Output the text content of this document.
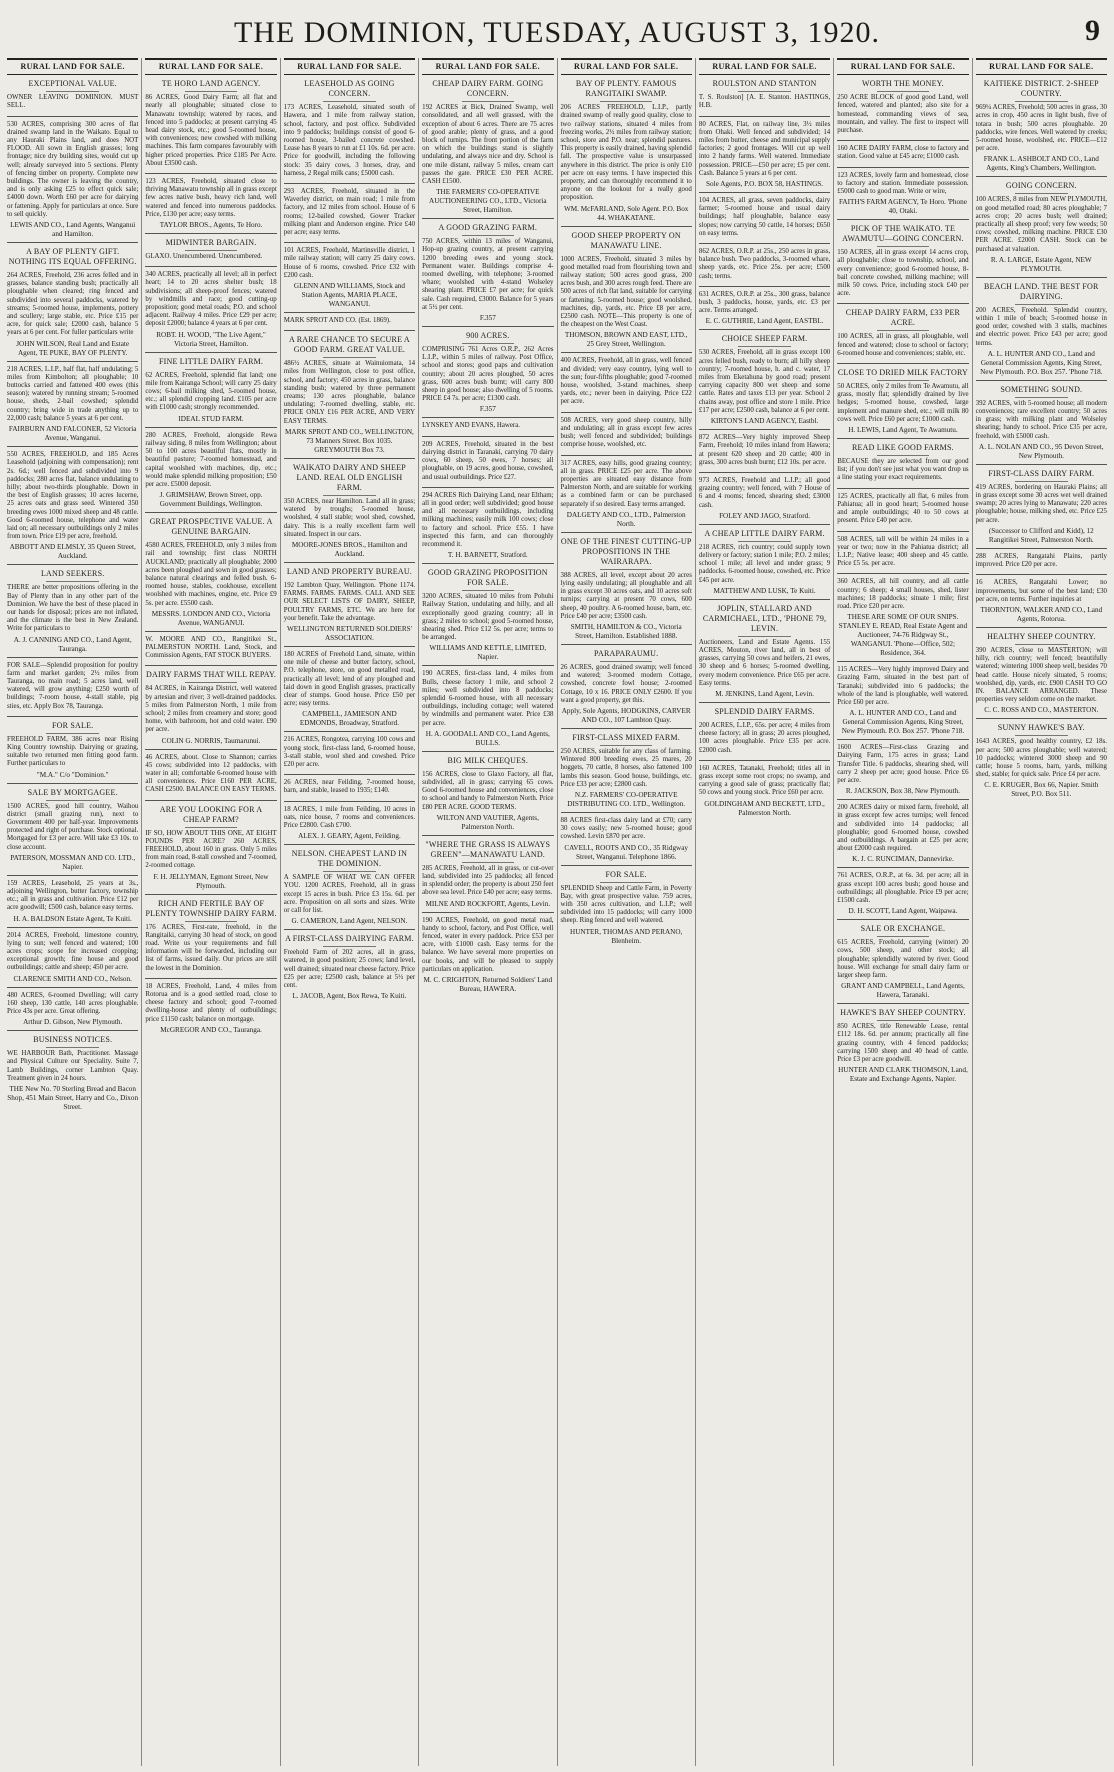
THE DOMINION, TUESDAY, AUGUST 3, 1920.	9
RURAL LAND FOR SALE.
EXCEPTIONAL VALUE.
OWNER LEAVING DOMINION. MUST SELL.
530 ACRES, comprising 300 acres of flat drained swamp land in the Waikato. Equal to any Hauraki Plains land, and does NOT FLOOD. All sown in English grasses; long frontage; nice dry building sites, would cut up well; already surveyed into 5 sections. Plenty of fencing timber on property. Complete new buildings. The owner is leaving the country, and is only asking £25 to effect quick sale; £4000 down. Worth £60 per acre for dairying or fattening. Apply for particulars at once. Sure to sell quickly.
LEWIS AND CO., Land Agents, Wanganui and Hamilton.
A BAY OF PLENTY GIFT. NOTHING ITS EQUAL OFFERING.
264 ACRES, Freehold, 236 acres felled and in grasses, balance standing bush; practically all ploughable when cleared; ring fenced and subdivided into several paddocks, watered by streams; 5-roomed house, implements, pottery and scullery; large stable, etc. Price £15 per acre, for quick sale; £2000 cash, balance 5 years at 6 per cent. For fuller particulars write
JOHN WILSON, Real Land and Estate Agent, TE PUKE, BAY OF PLENTY.
218 ACRES, L.I.P., half flat, half undulating; 5 miles from Kimbolton; all ploughable; 10 buttocks carried and fattened 400 ewes (this season); watered by running stream; 5-roomed house, sheds, 2-bail cowshed; splendid country; bring wide in trade anything up to 22,000 cash; balance 5 years at 6 per cent.
FAIRBURN AND FALCONER, 52 Victoria Avenue, Wanganui.
550 ACRES, FREEHOLD, and 185 Acres Leasehold (adjoining with compensation); rent 2s. 6d.; well fenced and subdivided into 9 paddocks; 280 acres flat, balance undulating to hilly; about two-thirds ploughable. Down in the best of English grasses; 10 acres lucerne, 25 acres oats and grass seed. Wintered 350 breeding ewes 1000 mixed sheep and 48 cattle. Good 6-roomed house, telephone and water laid on; all necessary outbuildings only 2 miles from town. Price £19 per acre, freehold.
ABBOTT AND ELMSLY, 35 Queen Street, Auckland.
LAND SEEKERS.
THERE are better propositions offering in the Bay of Plenty than in any other part of the Dominion. We have the best of these placed in our hands for disposal; prices are not inflated, and the climate is the best in New Zealand. Write for particulars to
A. J. CANNING AND CO., Land Agent, Tauranga.
FOR SALE—Splendid proposition for poultry farm and market garden; 2½ miles from Tauranga, no main road; 5 acres land, well watered, will grow anything; £250 worth of buildings; 7-room house, 4-stall stable, pig sties, etc. Apply Box 78, Tauranga.
FOR SALE.
FREEHOLD FARM, 386 acres near Rising King Country township. Dairying or grazing, suitable two returned men fitting good farm. Further particulars to
"M.A." C/o "Dominion."
SALE BY MORTGAGEE.
1500 ACRES, good hill country, Waihou district (small grazing run), next to Government 400 per half-year. Improvements protected and right of purchase. Stock optional. Mortgaged for £3 per acre. Will take £3 10s. to close account.
PATERSON, MOSSMAN AND CO. LTD., Napier.
159 ACRES, Leasehold, 25 years at 3s., adjoining Wellington, butter factory, township etc.; all in grass and cultivation. Price £12 per acre goodwill; £500 cash, balance easy terms.
H. A. BALDSON Estate Agent, Te Kuiti.
2014 ACRES, Freehold, limestone country, lying to sun; well fenced and watered; 100 acres crops; scope for increased cropping; exceptional growth; fine house and good outbuildings; cattle and sheep; 450 per acre.
CLARENCE SMITH AND CO., Nelson.
480 ACRES, 6-roomed Dwelling; will carry 160 sheep, 130 cattle, 140 acres ploughable. Price 43s per acre. Great offering.
Arthur D. Gibson, New Plymouth.
BUSINESS NOTICES.
WE HARBOUR Bath, Practitioner. Massage and Physical Culture our Speciality. Suite 7, Lamb Buildings, corner Lambton Quay. Treatment given in 24 hours.
THE New No. 70 Sterling Bread and Bacon Shop, 451 Main Street, Harry and Co., Dixon Street.
RURAL LAND FOR SALE.
TE HORO LAND AGENCY.
86 ACRES, Good Dairy Farm; all flat and nearly all ploughable; situated close to Manawatu township; watered by races, and fenced into 5 paddocks; at present carrying 45 head dairy stock, etc.; good 5-roomed house, with conveniences; new cowshed with milking machines. This farm compares favourably with higher priced properties. Price £185 Per Acre. About £3500 cash.
123 ACRES, Freehold, situated close to thriving Manawatu township all in grass except few acres native bush, heavy rich land, well watered and fenced into numerous paddocks. Price, £130 per acre; easy terms.
TAYLOR BROS., Agents, Te Horo.
MIDWINTER BARGAIN.
GLAXO. Unencumbered. Unencumbered.
340 ACRES, practically all level; all in perfect heart; 14 to 20 acres shelter bush; 18 subdivisions; all sheep-proof fences; watered by windmills and race; good cutting-up proposition; good metal roads; P.O. and school adjacent. Railway 4 miles. Price £29 per acre; deposit £2000; balance 4 years at 6 per cent.
ROBT. H. WOOD, "The Live Agent," Victoria Street, Hamilton.
FINE LITTLE DAIRY FARM.
62 ACRES, Freehold, splendid flat land; one mile from Kairanga School; will carry 25 dairy cows; 6-bail milking shed, 5-roomed house, etc.; all splendid cropping land. £105 per acre with £1000 cash; strongly recommended.
IDEAL STUD FARM.
280 ACRES, Freehold, alongside Rewa railway siding, 8 miles from Wellington; about 50 to 100 acres beautiful flats, mostly in beautiful pasture; 7-roomed homestead, and capital woolshed with machines, dip, etc.; would make splendid milking proposition; £50 per acre. £5000 deposit.
J. GRIMSHAW, Brown Street, opp. Government Buildings, Wellington.
GREAT PROSPECTIVE VALUE. A GENUINE BARGAIN.
4580 ACRES, FREEHOLD, only 3 miles from rail and township; first class NORTH AUCKLAND; practically all ploughable; 2000 acres been ploughed and sown in good grasses; balance natural clearings and felled bush. 6-roomed house, stables, cookhouse, excellent woolshed with machines, engine, etc. Price £9 5s. per acre. £5500 cash.
MESSRS. LONDON AND CO., Victoria Avenue, WANGANUI.
W. MOORE AND CO., Rangitikei St., PALMERSTON NORTH. Land, Stock, and Commission Agents, FAT STOCK BUYERS.
DAIRY FARMS THAT WILL REPAY.
84 ACRES, in Kairanga District, well watered by artesian and river; 3 well-drained paddocks. 5 miles from Palmerston North, 1 mile from school; 2 miles from creamery and store; good home, with bathroom, hot and cold water. £90 per acre.
COLIN G. NORRIS, Taumarunui.
46 ACRES, about. Close to Shannon; carries 45 cows; subdivided into 12 paddocks, with water in all; comfortable 6-roomed house with all conveniences. Price £160 PER ACRE, CASH £2500. BALANCE ON EASY TERMS.
ARE YOU LOOKING FOR A CHEAP FARM?
IF SO, HOW ABOUT THIS ONE, AT EIGHT POUNDS PER ACRE? 260 ACRES, FREEHOLD, about 160 in grass. Only 5 miles from main road, 8-stall cowshed and 7-roomed, 2-roomed cottage.
F. H. JELLYMAN, Egmont Street, New Plymouth.
RICH AND FERTILE BAY OF PLENTY TOWNSHIP DAIRY FARM.
176 ACRES, First-rate, freehold, in the Rangitaiki, carrying 30 head of stock, on good road. Write us your requirements and full information will be forwarded, including our list of farms, issued daily. Our prices are still the lowest in the Dominion.
18 ACRES, Freehold, Land, 4 miles from Rotorua and is a good settled road, close to cheese factory and school; good 7-roomed dwelling-house and plenty of outbuildings; price £1150 cash; balance on mortgage.
McGREGOR AND CO., Tauranga.
RURAL LAND FOR SALE.
LEASEHOLD AS GOING CONCERN.
173 ACRES, Leasehold, situated south of Hawera, and 1 mile from railway station, school, factory, and post office. Subdivided into 9 paddocks; buildings consist of good 6-roomed house, 3-bailed concrete cowshed. Lease has 8 years to run at £1 10s. 6d. per acre. Price for goodwill, including the following stock: 35 dairy cows, 3 horses, dray, and harness, 2 Regal milk cans; £5000 cash.
293 ACRES, Freehold, situated in the Waverley district, on main road; 1 mile from factory, and 12 miles from school. House of 6 rooms; 12-bailed cowshed, Gower Tracker milking plant and Anderson engine. Price £40 per acre; easy terms.
101 ACRES, Freehold, Martinsville district, 1 mile railway station; will carry 25 dairy cows. House of 6 rooms, cowshed. Price £32 with £200 cash.
GLENN AND WILLIAMS, Stock and Station Agents, MARIA PLACE, WANGANUI.
MARK SPROT AND CO. (Est. 1869).
A RARE CHANCE TO SECURE A GOOD FARM. GREAT VALUE.
486½ ACRES, situate at Wainuiomata, 14 miles from Wellington, close to post office, school, and factory; 450 acres in grass, balance standing bush; watered by three permanent creams; 130 acres ploughable, balance undulating; 7-roomed dwelling, stable, etc. PRICE ONLY £16 PER ACRE, AND VERY EASY TERMS.
MARK SPROT AND CO., WELLINGTON, 73 Manners Street. Box 1035. GREYMOUTH Box 73.
WAIKATO DAIRY AND SHEEP LAND. REAL OLD ENGLISH FARM.
350 ACRES, near Hamilton. Land all in grass; watered by troughs; 5-roomed house, woolshed, 4 stall stable; wool shed, cowshed, dairy. This is a really excellent farm well situated. Inspect in our cars.
MOORE-JONES BROS., Hamilton and Auckland.
LAND AND PROPERTY BUREAU.
192 Lambton Quay, Wellington. 'Phone 1174. FARMS. FARMS. FARMS. CALL AND SEE OUR SELECT LISTS OF DAIRY, SHEEP, POULTRY FARMS, ETC. We are here for your benefit. Take the advantage.
WELLINGTON RETURNED SOLDIERS' ASSOCIATION.
180 ACRES of Freehold Land, situate, within one mile of cheese and butter factory, school, P.O. telephone, store, on good metalled road, practically all level; lend of any ploughed and laid down in good English grasses, practically clear of stumps. Good house. Price £50 per acre; easy terms.
CAMPBELL, JAMIESON AND EDMONDS, Broadway, Stratford.
216 ACRES, Rongotea, carrying 100 cows and young stock, first-class land, 6-roomed house, 3-stall stable, wool shed and cowshed. Price £20 per acre.
26 ACRES, near Feilding, 7-roomed house, barn, and stable, leased to 1935; £140.
18 ACRES, 1 mile from Feilding, 10 acres in oats, nice house, 7 rooms and conveniences. Price £2800. Cash £700.
ALEX. J. GEARY, Agent, Feilding.
NELSON. CHEAPEST LAND IN THE DOMINION.
A SAMPLE OF WHAT WE CAN OFFER YOU. 1200 ACRES, Freehold, all in grass except 15 acres in bush. Price £3 15s. 6d. per acre. Proposition on all sorts and sizes. Write or call for list.
G. CAMERON, Land Agent, NELSON.
A FIRST-CLASS DAIRYING FARM.
Freehold Farm of 202 acres, all in grass, watered, in good position; 25 cows; land level, well drained; situated near cheese factory. Price £25 per acre; £2500 cash, balance at 5½ per cent.
L. JACOB, Agent, Box Rewa, Te Kuiti.
RURAL LAND FOR SALE.
CHEAP DAIRY FARM. GOING CONCERN.
192 ACRES at Bick, Drained Swamp, well consolidated, and all well grassed, with the exception of about 6 acres. There are 75 acres of good arable; plenty of grass, and a good block of turnips. The front portion of the farm on which the buildings stand is slightly undulating, and always nice and dry. School is one mile distant, railway 5 miles, cream cart passes the gate. PRICE £30 PER ACRE. CASH £1500.
THE FARMERS' CO-OPERATIVE AUCTIONEERING CO., LTD., Victoria Street, Hamilton.
A GOOD GRAZING FARM.
750 ACRES, within 13 miles of Wanganui, Hop-up grazing country, at present carrying 1200 breeding ewes and young stock. Permanent water. Buildings comprise 4-roomed dwelling, with telephone; 3-roomed whare; woolshed with 4-stand Wolseley shearing plant. PRICE £7 per acre; for quick sale. Cash required, £3000. Balance for 5 years at 5½ per cent.
F.357
900 ACRES.
COMPRISING 761 Acres O.R.P., 262 Acres L.I.P., within 5 miles of railway. Post Office, school and stores; good paps and cultivation country; about 20 acres ploughed, 50 acres grass, 600 acres bush burnt; will carry 800 sheep in good house; also dwelling of 5 rooms. PRICE £4 7s. per acre; £1300 cash.
F.357
LYNSKEY AND EVANS, Hawera.
209 ACRES, Freehold, situated in the best dairying district in Taranaki, carrying 70 dairy cows, 60 sheep, 50 ewes, 7 horses; all ploughable, on 19 acres, good house, cowshed, and usual outbuildings. Price £27.
294 ACRES Rich Dairying Land, near Eltham; all in good order; well subdivided; good house and all necessary outbuildings, including milking machines; easily milk 100 cows; close to factory and school. Price £55. I have inspected this farm, and can thoroughly recommend it.
T. H. BARNETT, Stratford.
GOOD GRAZING PROPOSITION FOR SALE.
3200 ACRES, situated 10 miles from Pohuhi Railway Station, undulating and hilly, and all exceptionally good grazing country; all in grass; 2 miles to school; good 5-roomed house, shearing shed. Price £12 5s. per acre; terms to be arranged.
WILLIAMS AND KETTLE, LIMITED, Napier.
190 ACRES, first-class land, 4 miles from Bulls, cheese factory 1 mile, and school 2 miles; well subdivided into 8 paddocks; splendid 6-roomed house, with all necessary outbuildings, including cottage; well watered by windmills and permanent water. Price £38 per acre.
H. A. GOODALL AND CO., Land Agents, BULLS.
BIG MILK CHEQUES.
156 ACRES, close to Glaxo Factory, all flat, subdivided, all in grass; carrying 65 cows. Good 6-roomed house and conveniences, close to school and handy to Palmerston North. Price £80 PER ACRE. GOOD TERMS.
WILTON AND VAUTIER, Agents, Palmerston North.
"WHERE THE GRASS IS ALWAYS GREEN"—MANAWATU LAND.
285 ACRES, Freehold, all in grass, or cut-over land, subdivided into 25 paddocks; all fenced in splendid order; the property is about 250 feet above sea level. Price £40 per acre; easy terms.
MILNE AND ROCKFORT, Agents, Levin.
190 ACRES, Freehold, on good metal road, handy to school, factory, and Post Office, well fenced, water in every paddock. Price £53 per acre, with £1000 cash. Easy terms for the balance. We have several more properties on our books, and will be pleased to supply particulars on application.
M. C. CRIGHTON, Returned Soldiers' Land Bureau, HAWERA.
RURAL LAND FOR SALE.
BAY OF PLENTY. FAMOUS RANGITAIKI SWAMP.
206 ACRES FREEHOLD, L.I.P., partly drained swamp of really good quality, close to two railway stations, situated 4 miles from freezing works, 2½ miles from railway station; school, store and P.O. near; splendid pastures. This property is easily drained, having splendid fall. The prospective value is unsurpassed anywhere in this district. The price is only £10 per acre on easy terms. I have inspected this property, and can thoroughly recommend it to anyone on the lookout for a really good proposition.
WM. McFARLAND, Sole Agent. P.O. Box 44. WHAKATANE.
GOOD SHEEP PROPERTY ON MANAWATU LINE.
1000 ACRES, Freehold, situated 3 miles by good metalled road from flourishing town and railway station; 500 acres good grass, 200 acres bush, and 300 acres rough feed. There are 500 acres of rich flat land, suitable for carrying or fattening. 5-roomed house; good woolshed, machines, dip, yards, etc. Price £8 per acre, £2500 cash. NOTE—This property is one of the cheapest on the West Coast.
THOMSON, BROWN AND EAST, LTD., 25 Grey Street, Wellington.
400 ACRES, Freehold, all in grass, well fenced and divided; very easy country, lying well to the sun; four-fifths ploughable; good 7-roomed house, woolshed, 3-stand machines, sheep yards, etc.; never been in dairying. Price £22 per acre.
508 ACRES, very good sheep country, hilly and undulating; all in grass except few acres bush; well fenced and subdivided; buildings comprise house, woolshed, etc.
317 ACRES, easy hills, good grazing country; all in grass. PRICE £25 per acre. The above properties are situated easy distance from Palmerston North, and are suitable for working as a combined farm or can be purchased separately if so desired. Easy terms arranged.
DALGETY AND CO., LTD., Palmerston North.
ONE OF THE FINEST CUTTING-UP PROPOSITIONS IN THE WAIRARAPA.
388 ACRES, all level, except about 20 acres lying easily undulating; all ploughable and all in grass except 30 acres oats, and 10 acres soft turnips; carrying at present 70 cows, 600 sheep, 40 poultry. A 6-roomed house, barn, etc. Price £40 per acre; £3500 cash.
SMITH, HAMILTON & CO., Victoria Street, Hamilton. Established 1888.
PARAPARAUMU.
26 ACRES, good drained swamp; well fenced and watered; 3-roomed modern Cottage, cowshed, concrete fowl house; 2-roomed Cottage, 10 x 16. PRICE ONLY £2600. If you want a good property, get this.
Apply, Sole Agents, HODGKINS, CARVER AND CO., 107 Lambton Quay.
FIRST-CLASS MIXED FARM.
250 ACRES, suitable for any class of farming. Wintered 800 breeding ewes, 25 mares, 20 hoggets, 70 cattle, 8 horses, also fattened 100 lambs this season. Good house, buildings, etc. Price £33 per acre; £2800 cash.
N.Z. FARMERS' CO-OPERATIVE DISTRIBUTING CO. LTD., Wellington.
88 ACRES first-class dairy land at £70; carry 30 cows easily; new 5-roomed house; good cowshed. Levin £870 per acre.
CAVELL, ROOTS AND CO., 35 Ridgway Street, Wanganui. Telephone 1866.
FOR SALE.
SPLENDID Sheep and Cattle Farm, in Poverty Bay, with great prospective value. 759 acres, with 350 acres cultivation, and L.I.P.; well subdivided into 15 paddocks; will carry 1000 sheep. Ring fenced and well watered.
HUNTER, THOMAS AND PERANO, Blenheim.
RURAL LAND FOR SALE.
ROULSTON AND STANTON
T. S. Roulston] [A. E. Stanton. HASTINGS, H.B.
80 ACRES, Flat, on railway line, 3½ miles from Ohaki. Well fenced and subdivided; 14 miles from butter, cheese and municipal supply factories; 2 good frontages. Will cut up well into 2 handy farms. Well watered. Immediate possession. PRICE—£50 per acre; £5 per cent. Cash. Balance 5 years at 6 per cent.
Sole Agents, P.O. BOX 58, HASTINGS.
104 ACRES, all grass, seven paddocks, dairy farmer; 5-roomed house and usual dairy buildings; half ploughable, balance easy slopes; now carrying 50 cattle, 14 horses; £650 on easy terms.
862 ACRES, O.R.P. at 25s., 250 acres in grass, balance bush. Two paddocks, 3-roomed whare, sheep yards, etc. Price 25s. per acre; £500 cash; terms.
631 ACRES, O.R.P. at 25s., 300 grass, balance bush, 3 paddocks, house, yards, etc. £3 per acre. Terms arranged.
E. C. GUTHRIE, Land Agent, EASTBL.
CHOICE SHEEP FARM.
530 ACRES, Freehold, all in grass except 100 acres felled bush, ready to burn; all hilly sheep country; 7-roomed house, h. and c. water, 17 miles from Eketahuna by good road; present carrying capacity 800 wet sheep and some cattle. Rates and taxes £13 per year. School 2 chains away, post office and store 1 mile. Price £17 per acre; £2500 cash, balance at 6 per cent.
KIRTON'S LAND AGENCY, Eastbl.
872 ACRES—Very highly improved Sheep Farm, Freehold; 10 miles inland from Hawera; at present 620 sheep and 20 cattle; 400 in grass, 300 acres bush burnt; £12 10s. per acre.
973 ACRES, Freehold and L.I.P.; all good grazing country; well fenced, with 7 House of 6 and 4 rooms; fenced, shearing shed; £3000 cash.
FOLEY AND JAGO, Stratford.
A CHEAP LITTLE DAIRY FARM.
218 ACRES, rich country; could supply town delivery or factory; station 1 mile; P.O. 2 miles; school 1 mile; all level and under grass; 9 paddocks. 6-roomed house, cowshed, etc. Price £45 per acre.
MATTHEW AND LUSK, Te Kuiti.
JOPLIN, STALLARD AND CARMICHAEL, LTD., 'PHONE 79, LEVIN.
Auctioneers, Land and Estate Agents. 155 ACRES, Mouton, river land, all in best of grasses, carrying 50 cows and heifers, 21 ewes, 30 sheep and 6 horses; 5-roomed dwelling, every modern convenience. Price £65 per acre. Easy terms.
M. JENKINS, Land Agent, Levin.
SPLENDID DAIRY FARMS.
200 ACRES, L.I.P., 65s. per acre; 4 miles from cheese factory; all in grass; 20 acres ploughed, 100 acres ploughable. Price £35 per acre. £2000 cash.
160 ACRES, Tatanaki, Freehold; titles all in grass except some root crops; no swamp, and carrying a good sale of grass; practically flat; 50 cows and young stock. Price £60 per acre.
GOLDINGHAM AND BECKETT, LTD., Palmerston North.
RURAL LAND FOR SALE.
WORTH THE MONEY.
250 ACRE BLOCK of good good Land, well fenced, watered and planted; also site for a homestead, commanding views of sea, mountain, and valley. The first to inspect will purchase.
160 ACRE DAIRY FARM, close to factory and station. Good value at £45 acre; £1000 cash.
123 ACRES, lovely farm and homestead, close to factory and station. Immediate possession. £5000 cash to good man. Write or wire,
FAITH'S FARM AGENCY, Te Horo. 'Phone 40, Otaki.
PICK OF THE WAIKATO. TE AWAMUTU—GOING CONCERN.
150 ACRES, all in grass except 14 acres crop, all ploughable; close to township, school, and every convenience; good 6-roomed house, 8-bail concrete cowshed, milking machine; will milk 50 cows. Price, including stock £40 per acre.
CHEAP DAIRY FARM, £33 PER ACRE.
100 ACRES, all in grass, all ploughable, well fenced and watered; close to school or factory; 6-roomed house and conveniences; stable, etc.
CLOSE TO DRIED MILK FACTORY
50 ACRES, only 2 miles from Te Awamutu, all grass, mostly flat; splendidly drained by live hedges; 5-roomed house, cowshed, large implement and manure shed, etc.; will milk 80 cows well. Price £60 per acre; £1000 cash.
H. LEWIS, Land Agent, Te Awamutu.
READ LIKE GOOD FARMS.
BECAUSE they are selected from our good list; if you don't see just what you want drop us a line stating your exact requirements.
125 ACRES, practically all flat, 6 miles from Pahiatua; all in good heart; 5-roomed house and ample outbuildings; 40 to 50 cows at present. Price £40 per acre.
508 ACRES, tall will be within 24 miles in a year or two; now in the Pahiatua district; all L.I.P.; Native lease; 400 sheep and 45 cattle. Price £5 5s. per acre.
360 ACRES, all hill country, and all cattle country; 6 sheep; 4 small houses, shed, lister machines; 18 paddocks; situate 1 mile; first road. Price £20 per acre.
THESE ARE SOME OF OUR SNIPS. STANLEY E. READ, Real Estate Agent and Auctioneer, 74-76 Ridgway St., WANGANUI. 'Phone—Office, 502; Residence, 364.
115 ACRES—Very highly improved Dairy and Grazing Farm, situated in the best part of Taranaki; subdivided into 6 paddocks; the whole of the land is ploughable, well watered. Price £60 per acre.
A. L. HUNTER AND CO., Land and General Commission Agents, King Street, New Plymouth. P.O. Box 257. 'Phone 718.
1600 ACRES—First-class Grazing and Dairying Farm, 175 acres in grass; Land Transfer Title. 6 paddocks, shearing shed, will carry 2 sheep per acre; good house. Price £6 per acre.
R. JACKSON, Box 38, New Plymouth.
200 ACRES dairy or mixed farm, freehold, all in grass except few acres turnips; well fenced and subdivided into 14 paddocks; all ploughable; good 6-roomed house, cowshed and outbuildings. A bargain at £25 per acre; about £2000 cash required.
K. J. C. RUNCIMAN, Dannevirke.
761 ACRES, O.R.P., at 6s. 3d. per acre; all in grass except 100 acres bush; good house and outbuildings; all ploughable. Price £9 per acre; £1500 cash.
D. H. SCOTT, Land Agent, Waipawa.
SALE OR EXCHANGE.
615 ACRES, Freehold, carrying (winter) 20 cows, 500 sheep, and other stock; all ploughable; splendidly watered by river. Good house. Will exchange for small dairy farm or larger sheep farm.
GRANT AND CAMPBELL, Land Agents, Hawera, Taranaki.
HAWKE'S BAY SHEEP COUNTRY.
850 ACRES, title Renewable Lease, rental £112 18s. 6d. per annum; practically all fine grazing country, with 4 fenced paddocks; carrying 1500 sheep and 40 head of cattle. Price £3 per acre goodwill.
HUNTER AND CLARK THOMSON, Land, Estate and Exchange Agents, Napier.
RURAL LAND FOR SALE.
KAITIEKE DISTRICT. 2-SHEEP COUNTRY.
969¼ ACRES, Freehold; 500 acres in grass, 30 acres in crop, 450 acres in light bush, five of totara in bush; 500 acres ploughable. 20 paddocks, wire fences. Well watered by creeks; 5-roomed house, woolshed, etc. PRICE—£12 per acre.
FRANK L. ASHBOLT AND CO., Land Agents, King's Chambers, Wellington.
GOING CONCERN.
100 ACRES, 8 miles from NEW PLYMOUTH, on good metalled road; 80 acres ploughable; 7 acres crop; 20 acres bush; well drained; practically all sheep proof; very few weeds; 50 cows; cowshed, milking machine. PRICE £30 PER ACRE. £2000 CASH. Stock can be purchased at valuation.
R. A. LARGE, Estate Agent, NEW PLYMOUTH.
BEACH LAND. THE BEST FOR DAIRYING.
200 ACRES, Freehold. Splendid country, within 1 mile of beach; 5-roomed house in good order, cowshed with 3 stalls, machines and electric power. Price £43 per acre; good terms.
A. L. HUNTER AND CO., Land and General Commission Agents, King Street, New Plymouth. P.O. Box 257. 'Phone 718.
SOMETHING SOUND.
392 ACRES, with 5-roomed house; all modern conveniences; rare excellent country; 50 acres in grass; with milking plant and Wolseley shearing; handy to school. Price £35 per acre, freehold, with £5000 cash.
A. L. NOLAN AND CO., 95 Devon Street, New Plymouth.
FIRST-CLASS DAIRY FARM.
419 ACRES, bordering on Hauraki Plains; all in grass except some 30 acres wet well drained swamp; 20 acres lying to Manawatu; 220 acres ploughable; house, milking shed, etc. Price £25 per acre.
(Successor to Clifford and Kidd), 12 Rangitikei Street, Palmerston North.
288 ACRES, Rangatahi Plains, partly improved. Price £20 per acre.
16 ACRES, Rangatahi Lower; no improvements, but some of the best land; £30 per acre, on terms. Further inquiries at
THORNTON, WALKER AND CO., Land Agents, Rotorua.
HEALTHY SHEEP COUNTRY.
390 ACRES, close to MASTERTON; will hilly, rich country; well fenced; beautifully watered; wintering 1000 sheep well, besides 70 head cattle. House nicely situated, 5 rooms; woolshed, dip, yards, etc. £900 CASH TO GO IN. BALANCE ARRANGED. These properties very seldom come on the market.
C. C. ROSS AND CO., MASTERTON.
SUNNY HAWKE'S BAY.
1643 ACRES, good healthy country, £2 18s. per acre; 500 acres ploughable; well watered; 10 paddocks; wintered 3000 sheep and 90 cattle; house 5 rooms, barn, yards, milking shed, stable; for quick sale. Price £4 per acre.
C. E. KRUGER, Box 66, Napier. Smith Street, P.O. Box 511.
